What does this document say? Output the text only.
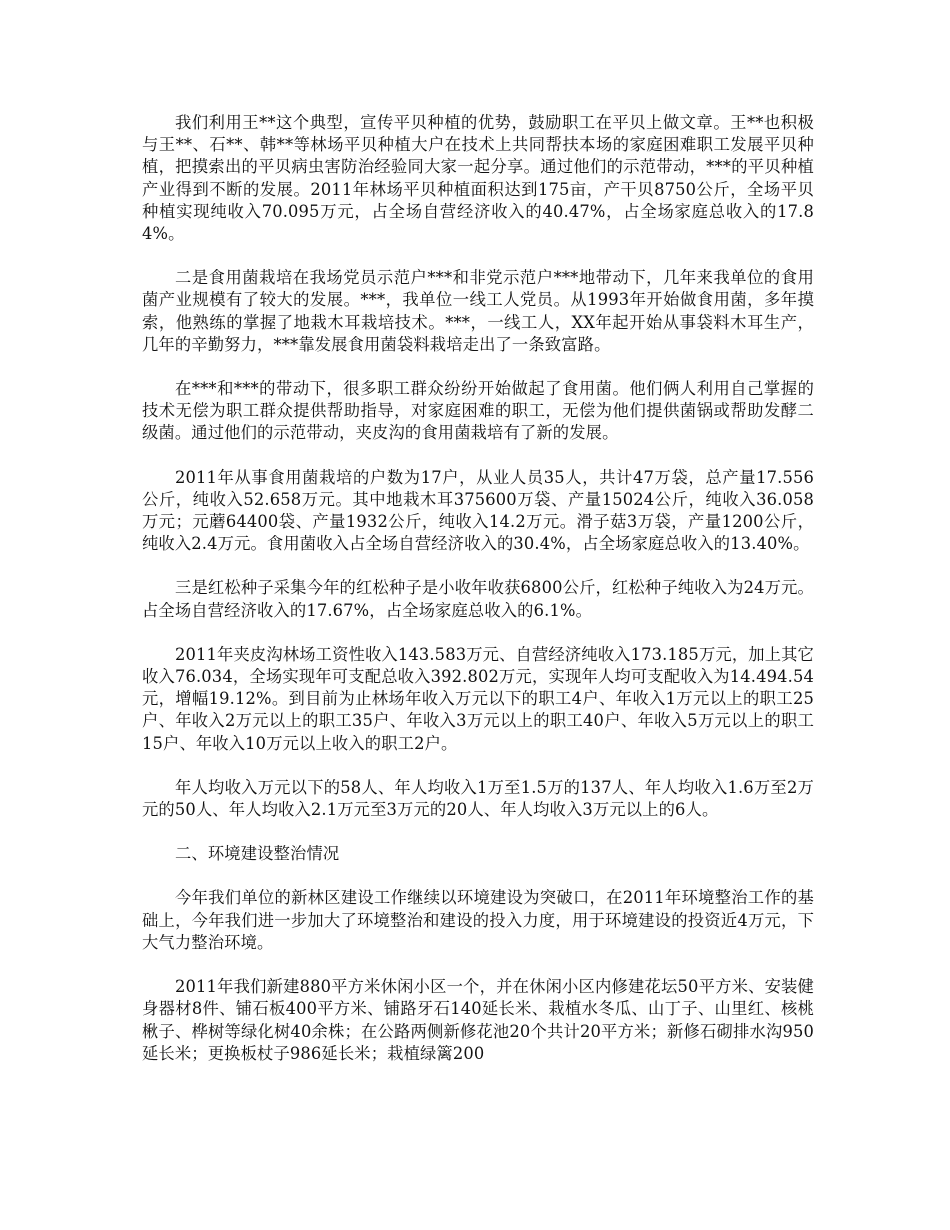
我们利用王**这个典型，宣传平贝种植的优势，鼓励职工在平贝上做文章。王**也积极与王**、石**、韩**等林场平贝种植大户在技术上共同帮扶本场的家庭困难职工发展平贝种植，把摸索出的平贝病虫害防治经验同大家一起分享。通过他们的示范带动，***的平贝种植产业得到不断的发展。2011年林场平贝种植面积达到175亩，产干贝8750公斤，全场平贝种植实现纯收入70.095万元，占全场自营经济收入的40.47%，占全场家庭总收入的17.84%。

二是食用菌栽培在我场党员示范户***和非党示范户***地带动下，几年来我单位的食用菌产业规模有了较大的发展。***，我单位一线工人党员。从1993年开始做食用菌，多年摸索，他熟练的掌握了地栽木耳栽培技术。***，一线工人，XX年起开始从事袋料木耳生产，几年的辛勤努力，***靠发展食用菌袋料栽培走出了一条致富路。

在***和***的带动下，很多职工群众纷纷开始做起了食用菌。他们俩人利用自己掌握的技术无偿为职工群众提供帮助指导，对家庭困难的职工，无偿为他们提供菌锅或帮助发酵二级菌。通过他们的示范带动，夹皮沟的食用菌栽培有了新的发展。

2011年从事食用菌栽培的户数为17户，从业人员35人，共计47万袋，总产量17.556公斤，纯收入52.658万元。其中地栽木耳375600万袋、产量15024公斤，纯收入36.058万元；元蘑64400袋、产量1932公斤，纯收入14.2万元。滑子菇3万袋，产量1200公斤，纯收入2.4万元。食用菌收入占全场自营经济收入的30.4%，占全场家庭总收入的13.40%。

三是红松种子采集今年的红松种子是小收年收获6800公斤，红松种子纯收入为24万元。占全场自营经济收入的17.67%，占全场家庭总收入的6.1%。

2011年夹皮沟林场工资性收入143.583万元、自营经济纯收入173.185万元，加上其它收入76.034，全场实现年可支配总收入392.802万元，实现年人均可支配收入为14.494.54元，增幅19.12%。到目前为止林场年收入万元以下的职工4户、年收入1万元以上的职工25户、年收入2万元以上的职工35户、年收入3万元以上的职工40户、年收入5万元以上的职工15户、年收入10万元以上收入的职工2户。

年人均收入万元以下的58人、年人均收入1万至1.5万的137人、年人均收入1.6万至2万元的50人、年人均收入2.1万元至3万元的20人、年人均收入3万元以上的6人。

二、环境建设整治情况

今年我们单位的新林区建设工作继续以环境建设为突破口，在2011年环境整治工作的基础上，今年我们进一步加大了环境整治和建设的投入力度，用于环境建设的投资近4万元，下大气力整治环境。

2011年我们新建880平方米休闲小区一个，并在休闲小区内修建花坛50平方米、安装健身器材8件、铺石板400平方米、铺路牙石140延长米、栽植水冬瓜、山丁子、山里红、核桃楸子、桦树等绿化树40余株；在公路两侧新修花池20个共计20平方米；新修石砌排水沟950延长米；更换板杖子986延长米；栽植绿篱200
